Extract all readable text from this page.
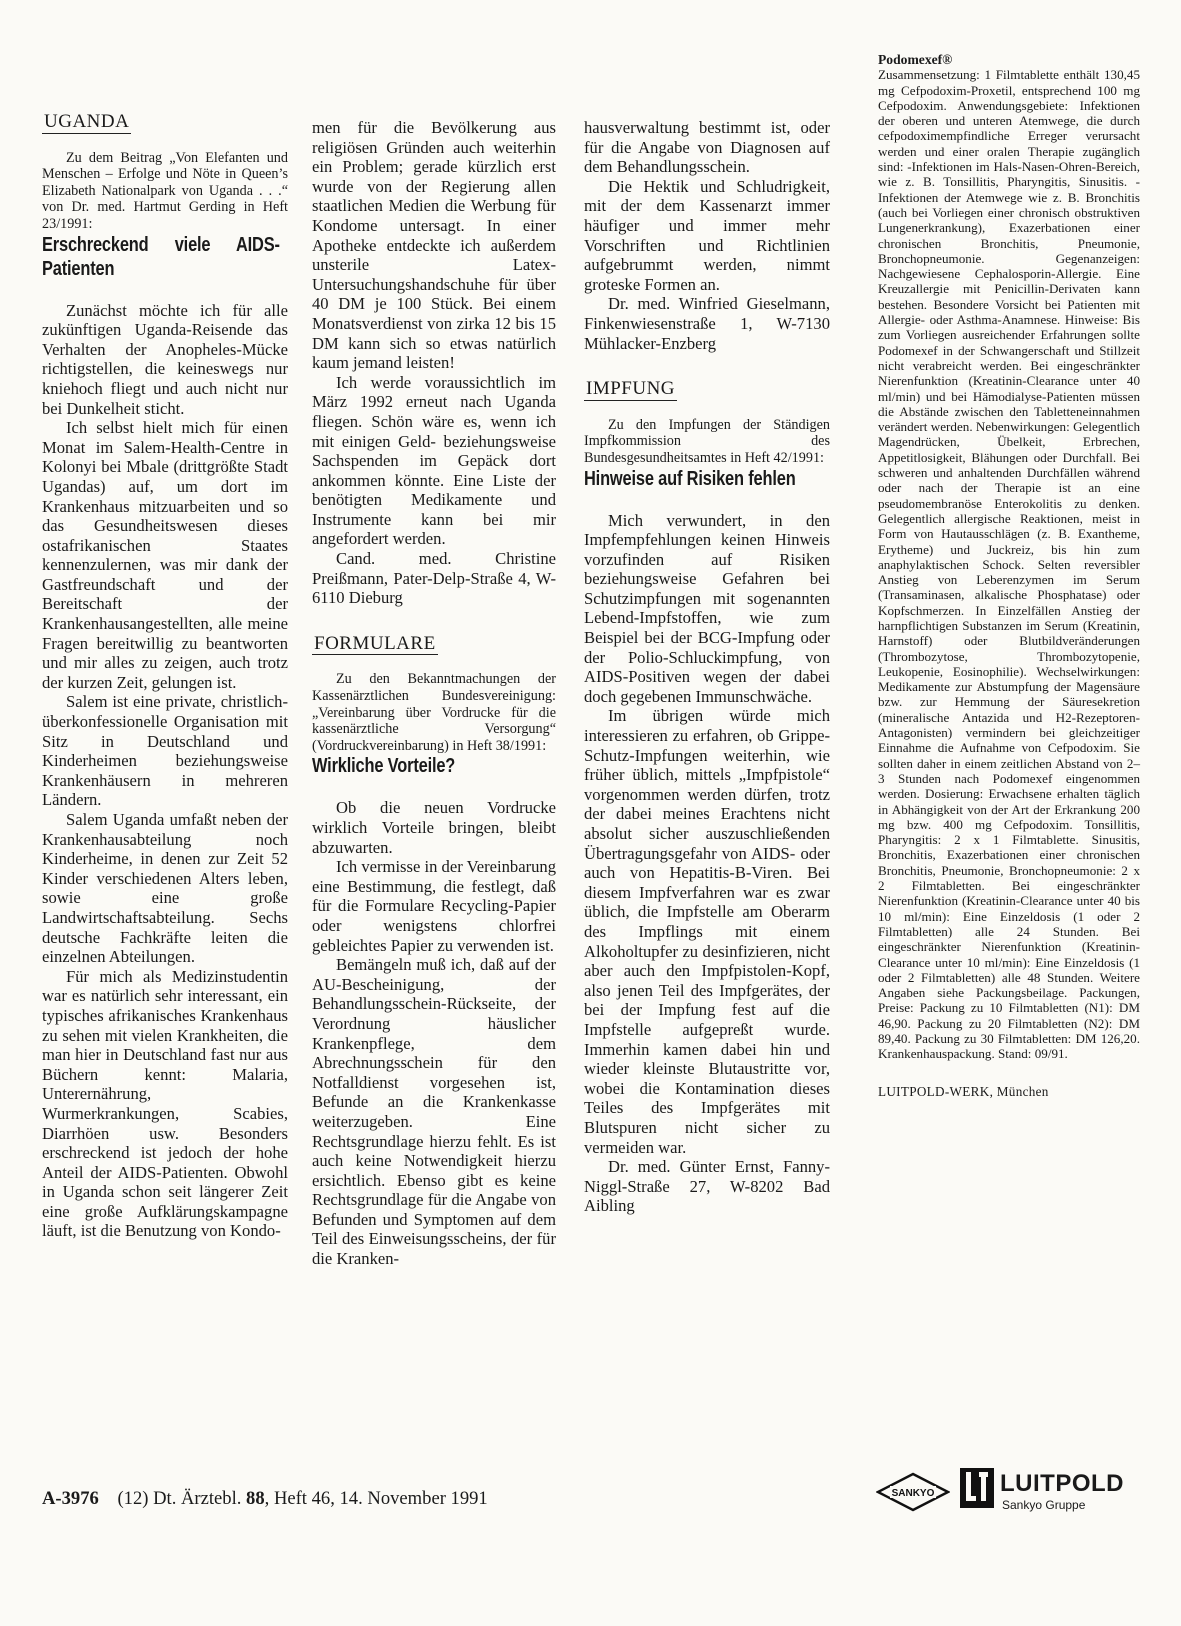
UGANDA

Zu dem Beitrag „Von Elefanten und Menschen – Erfolge und Nöte in Queen’s Elizabeth Nationalpark von Uganda . . .“ von Dr. med. Hartmut Gerding in Heft 23/1991:

Erschreckend viele AIDS-Patienten

Zunächst möchte ich für alle zukünftigen Uganda-Reisende das Verhalten der Anopheles-Mücke richtigstellen, die keineswegs nur kniehoch fliegt und auch nicht nur bei Dunkelheit sticht.

Ich selbst hielt mich für einen Monat im Salem-Health-Centre in Kolonyi bei Mbale (drittgrößte Stadt Ugandas) auf, um dort im Krankenhaus mitzuarbeiten und so das Gesundheitswesen dieses ostafrikanischen Staates kennenzulernen, was mir dank der Gastfreundschaft und der Bereitschaft der Krankenhausangestellten, alle meine Fragen bereitwillig zu beantworten und mir alles zu zeigen, auch trotz der kurzen Zeit, gelungen ist.

Salem ist eine private, christlich-überkonfessionelle Organisation mit Sitz in Deutschland und Kinderheimen beziehungsweise Krankenhäusern in mehreren Ländern.

Salem Uganda umfaßt neben der Krankenhausabteilung noch Kinderheime, in denen zur Zeit 52 Kinder verschiedenen Alters leben, sowie eine große Landwirtschaftsabteilung. Sechs deutsche Fachkräfte leiten die einzelnen Abteilungen.

Für mich als Medizinstudentin war es natürlich sehr interessant, ein typisches afrikanisches Krankenhaus zu sehen mit vielen Krankheiten, die man hier in Deutschland fast nur aus Büchern kennt: Malaria, Unterernährung, Wurmerkrankungen, Scabies, Diarrhöen usw. Besonders erschreckend ist jedoch der hohe Anteil der AIDS-Patienten. Obwohl in Uganda schon seit längerer Zeit eine große Aufklärungskampagne läuft, ist die Benutzung von Kondo-

men für die Bevölkerung aus religiösen Gründen auch weiterhin ein Problem; gerade kürzlich erst wurde von der Regierung allen staatlichen Medien die Werbung für Kondome untersagt. In einer Apotheke entdeckte ich außerdem unsterile Latex-Untersuchungshandschuhe für über 40 DM je 100 Stück. Bei einem Monatsverdienst von zirka 12 bis 15 DM kann sich so etwas natürlich kaum jemand leisten!

Ich werde voraussichtlich im März 1992 erneut nach Uganda fliegen. Schön wäre es, wenn ich mit einigen Geld- beziehungsweise Sachspenden im Gepäck dort ankommen könnte. Eine Liste der benötigten Medikamente und Instrumente kann bei mir angefordert werden.

Cand. med. Christine Preißmann, Pater-Delp-Straße 4, W-6110 Dieburg

FORMULARE

Zu den Bekanntmachungen der Kassenärztlichen Bundesvereinigung: „Vereinbarung über Vordrucke für die kassenärztliche Versorgung“ (Vordruckvereinbarung) in Heft 38/1991:

Wirkliche Vorteile?

Ob die neuen Vordrucke wirklich Vorteile bringen, bleibt abzuwarten.

Ich vermisse in der Vereinbarung eine Bestimmung, die festlegt, daß für die Formulare Recycling-Papier oder wenigstens chlorfrei gebleichtes Papier zu verwenden ist.

Bemängeln muß ich, daß auf der AU-Bescheinigung, der Behandlungsschein-Rückseite, der Verordnung häuslicher Krankenpflege, dem Abrechnungsschein für den Notfalldienst vorgesehen ist, Befunde an die Krankenkasse weiterzugeben. Eine Rechtsgrundlage hierzu fehlt. Es ist auch keine Notwendigkeit hierzu ersichtlich. Ebenso gibt es keine Rechtsgrundlage für die Angabe von Befunden und Symptomen auf dem Teil des Einweisungsscheins, der für die Kranken-

hausverwaltung bestimmt ist, oder für die Angabe von Diagnosen auf dem Behandlungsschein.

Die Hektik und Schludrigkeit, mit der dem Kassenarzt immer häufiger und immer mehr Vorschriften und Richtlinien aufgebrummt werden, nimmt groteske Formen an.

Dr. med. Winfried Gieselmann, Finkenwiesenstraße 1, W-7130 Mühlacker-Enzberg

IMPFUNG

Zu den Impfungen der Ständigen Impfkommission des Bundesgesundheitsamtes in Heft 42/1991:

Hinweise auf Risiken fehlen

Mich verwundert, in den Impfempfehlungen keinen Hinweis vorzufinden auf Risiken beziehungsweise Gefahren bei Schutzimpfungen mit sogenannten Lebend-Impfstoffen, wie zum Beispiel bei der BCG-Impfung oder der Polio-Schluckimpfung, von AIDS-Positiven wegen der dabei doch gegebenen Immunschwäche.

Im übrigen würde mich interessieren zu erfahren, ob Grippe-Schutz-Impfungen weiterhin, wie früher üblich, mittels „Impfpistole“ vorgenommen werden dürfen, trotz der dabei meines Erachtens nicht absolut sicher auszuschließenden Übertragungsgefahr von AIDS- oder auch von Hepatitis-B-Viren. Bei diesem Impfverfahren war es zwar üblich, die Impfstelle am Oberarm des Impflings mit einem Alkoholtupfer zu desinfizieren, nicht aber auch den Impfpistolen-Kopf, also jenen Teil des Impfgerätes, der bei der Impfung fest auf die Impfstelle aufgepreßt wurde. Immerhin kamen dabei hin und wieder kleinste Blutaustritte vor, wobei die Kontamination dieses Teiles des Impfgerätes mit Blutspuren nicht sicher zu vermeiden war.

Dr. med. Günter Ernst, Fanny-Niggl-Straße 27, W-8202 Bad Aibling

Podomexef®

Zusammensetzung: 1 Filmtablette enthält 130,45 mg Cefpodoxim-Proxetil, entsprechend 100 mg Cefpodoxim. Anwendungsgebiete: Infektionen der oberen und unteren Atemwege, die durch cefpodoximempfindliche Erreger verursacht werden und einer oralen Therapie zugänglich sind: -Infektionen im Hals-Nasen-Ohren-Bereich, wie z. B. Tonsillitis, Pharyngitis, Sinusitis. -Infektionen der Atemwege wie z. B. Bronchitis (auch bei Vorliegen einer chronisch obstruktiven Lungenerkrankung), Exazerbationen einer chronischen Bronchitis, Pneumonie, Bronchopneumonie. Gegenanzeigen: Nachgewiesene Cephalosporin-Allergie. Eine Kreuzallergie mit Penicillin-Derivaten kann bestehen. Besondere Vorsicht bei Patienten mit Allergie- oder Asthma-Anamnese. Hinweise: Bis zum Vorliegen ausreichender Erfahrungen sollte Podomexef in der Schwangerschaft und Stillzeit nicht verabreicht werden. Bei eingeschränkter Nierenfunktion (Kreatinin-Clearance unter 40 ml/min) und bei Hämodialyse-Patienten müssen die Abstände zwischen den Tabletteneinnahmen verändert werden. Nebenwirkungen: Gelegentlich Magendrücken, Übelkeit, Erbrechen, Appetitlosigkeit, Blähungen oder Durchfall. Bei schweren und anhaltenden Durchfällen während oder nach der Therapie ist an eine pseudomembranöse Enterokolitis zu denken. Gelegentlich allergische Reaktionen, meist in Form von Hautausschlägen (z. B. Exantheme, Erytheme) und Juckreiz, bis hin zum anaphylaktischen Schock. Selten reversibler Anstieg von Leberenzymen im Serum (Transaminasen, alkalische Phosphatase) oder Kopfschmerzen. In Einzelfällen Anstieg der harnpflichtigen Substanzen im Serum (Kreatinin, Harnstoff) oder Blutbildveränderungen (Thrombozytose, Thrombozytopenie, Leukopenie, Eosinophilie). Wechselwirkungen: Medikamente zur Abstumpfung der Magensäure bzw. zur Hemmung der Säuresekretion (mineralische Antazida und H2-Rezeptoren-Antagonisten) vermindern bei gleichzeitiger Einnahme die Aufnahme von Cefpodoxim. Sie sollten daher in einem zeitlichen Abstand von 2–3 Stunden nach Podomexef eingenommen werden. Dosierung: Erwachsene erhalten täglich in Abhängigkeit von der Art der Erkrankung 200 mg bzw. 400 mg Cefpodoxim. Tonsillitis, Pharyngitis: 2 x 1 Filmtablette. Sinusitis, Bronchitis, Exazerbationen einer chronischen Bronchitis, Pneumonie, Bronchopneumonie: 2 x 2 Filmtabletten. Bei eingeschränkter Nierenfunktion (Kreatinin-Clearance unter 40 bis 10 ml/min): Eine Einzeldosis (1 oder 2 Filmtabletten) alle 24 Stunden. Bei eingeschränkter Nierenfunktion (Kreatinin-Clearance unter 10 ml/min): Eine Einzeldosis (1 oder 2 Filmtabletten) alle 48 Stunden. Weitere Angaben siehe Packungsbeilage. Packungen, Preise: Packung zu 10 Filmtabletten (N1): DM 46,90. Packung zu 20 Filmtabletten (N2): DM 89,40. Packung zu 30 Filmtabletten: DM 126,20. Krankenhauspackung. Stand: 09/91.

LUITPOLD-WERK, München
A-3976 (12) Dt. Ärztebl. 88, Heft 46, 14. November 1991	SANKYO	LUITPOLD
Sankyo Gruppe
